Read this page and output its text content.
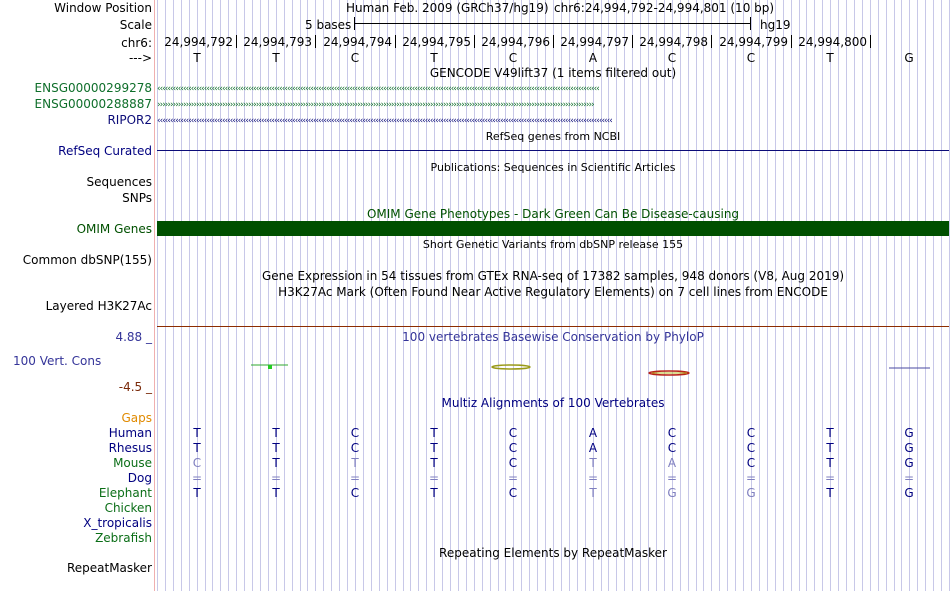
Window Position	Human Feb. 2009 (GRCh37/hg19) chr6:24,994,792-24,994,801 (10 bp)
Scale	5 bases	hg19
chr6:	24,994,792 24,994,793 24,994,794 24,994,795 24,994,796 24,994,797 24,994,798 24,994,799 24,994,800
--->	T	T	C	T	C	A	C	C	T	G
GENCODE V49lift37 (1 items filtered out)
ENSG00000299278 ‹‹‹‹‹‹‹‹‹‹‹‹‹‹‹‹‹‹‹‹‹‹‹‹‹‹‹‹‹‹‹‹‹‹‹‹‹‹‹‹‹‹‹‹‹‹‹‹‹‹‹‹‹‹‹‹‹‹‹‹‹‹‹‹‹‹‹‹‹‹‹‹‹‹‹‹‹‹‹‹‹‹‹‹‹‹‹‹‹‹‹‹‹‹‹‹‹‹‹‹‹‹‹‹‹‹‹‹‹‹‹‹‹‹‹‹‹‹‹‹‹‹‹‹‹‹‹‹‹‹‹‹‹‹‹‹‹‹‹‹‹‹‹‹‹‹‹‹‹‹‹‹‹‹‹‹‹‹‹‹‹‹‹‹‹‹‹‹‹‹
ENSG00000288887 ››››››››››››››››››››››››››››››››››››››››››››››››››››››››››››››››››››››››››››››››››››››››››››››››››››››››››››››››››››››››››››››››››››››››››››››››››››››››››››››››››››››››
RIPOR2 ‹‹‹‹‹‹‹‹‹‹‹‹‹‹‹‹‹‹‹‹‹‹‹‹‹‹‹‹‹‹‹‹‹‹‹‹‹‹‹‹‹‹‹‹‹‹‹‹‹‹‹‹‹‹‹‹‹‹‹‹‹‹‹‹‹‹‹‹‹‹‹‹‹‹‹‹‹‹‹‹‹‹‹‹‹‹‹‹‹‹‹‹‹‹‹‹‹‹‹‹‹‹‹‹‹‹‹‹‹‹‹‹‹‹‹‹‹‹‹‹‹‹‹‹‹‹‹‹‹‹‹‹‹‹‹‹‹‹‹‹‹‹‹‹‹‹‹‹‹‹‹‹‹‹‹‹‹‹‹‹‹‹‹‹‹‹‹‹‹‹‹‹‹‹‹
RefSeq genes from NCBI
RefSeq Curated
Publications: Sequences in Scientific Articles
Sequences
SNPs
OMIM Gene Phenotypes - Dark Green Can Be Disease-causing
OMIM Genes
Short Genetic Variants from dbSNP release 155
Common dbSNP(155)
Gene Expression in 54 tissues from GTEx RNA-seq of 17382 samples, 948 donors (V8, Aug 2019)
H3K27Ac Mark (Often Found Near Active Regulatory Elements) on 7 cell lines from ENCODE
Layered H3K27Ac
100 vertebrates Basewise Conservation by PhyloP
4.88 _
100 Vert. Cons
-4.5 _
Multiz Alignments of 100 Vertebrates
Gaps
Human	T	T	C	T	C	A	C	C	T	G
Rhesus	T	T	C	T	C	A	C	C	T	G
Mouse	C	T	T	T	C	T	A	C	T	G
Dog	=	=	=	=	=	=	=	=	=	=
Elephant	T	T	C	T	C	T	G	G	T	G
Chicken
X_tropicalis
Zebrafish
Repeating Elements by RepeatMasker
RepeatMasker
